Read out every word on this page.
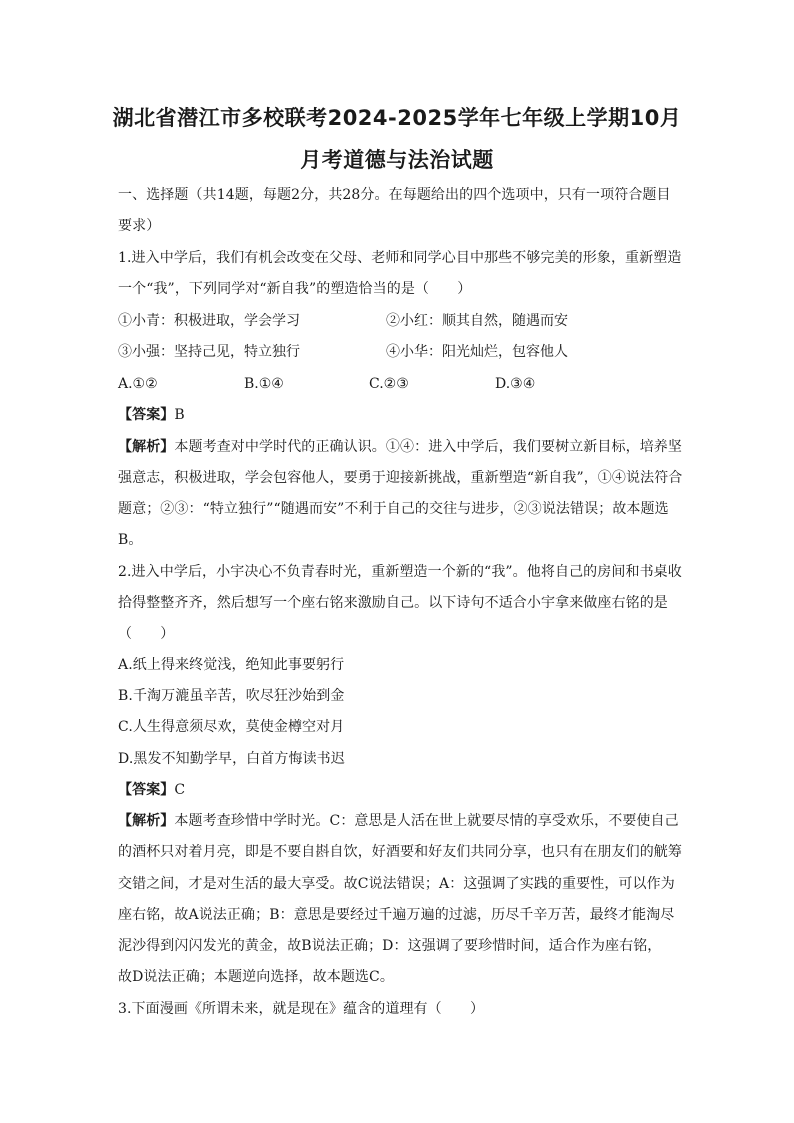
湖北省潜江市多校联考2024-2025学年七年级上学期10月
月考道德与法治试题
一、选择题（共14题，每题2分，共28分。在每题给出的四个选项中，只有一项符合题目
要求）
1.进入中学后，我们有机会改变在父母、老师和同学心目中那些不够完美的形象，重新塑造
一个“我”，下列同学对“新自我”的塑造恰当的是（　　）
①小青：积极进取，学会学习	②小红：顺其自然，随遇而安
③小强：坚持己见，特立独行	④小华：阳光灿烂，包容他人
A.①②	B.①④	C.②③	D.③④
【答案】B
【解析】本题考查对中学时代的正确认识。①④：进入中学后，我们要树立新目标，培养坚
强意志，积极进取，学会包容他人，要勇于迎接新挑战，重新塑造“新自我”，①④说法符合
题意；②③：“特立独行”“随遇而安”不利于自己的交往与进步，②③说法错误；故本题选
B。
2.进入中学后，小宇决心不负青春时光，重新塑造一个新的“我”。他将自己的房间和书桌收
拾得整整齐齐，然后想写一个座右铭来激励自己。以下诗句不适合小宇拿来做座右铭的是
（　　）
A.纸上得来终觉浅，绝知此事要躬行
B.千淘万漉虽辛苦，吹尽狂沙始到金
C.人生得意须尽欢，莫使金樽空对月
D.黑发不知勤学早，白首方悔读书迟
【答案】C
【解析】本题考查珍惜中学时光。C：意思是人活在世上就要尽情的享受欢乐，不要使自己
的酒杯只对着月亮，即是不要自斟自饮，好酒要和好友们共同分享，也只有在朋友们的觥筹
交错之间，才是对生活的最大享受。故C说法错误；A：这强调了实践的重要性，可以作为
座右铭，故A说法正确；B：意思是要经过千遍万遍的过滤，历尽千辛万苦，最终才能淘尽
泥沙得到闪闪发光的黄金，故B说法正确；D：这强调了要珍惜时间，适合作为座右铭，
故D说法正确；本题逆向选择，故本题选C。
3.下面漫画《所谓未来，就是现在》蕴含的道理有（　　）
